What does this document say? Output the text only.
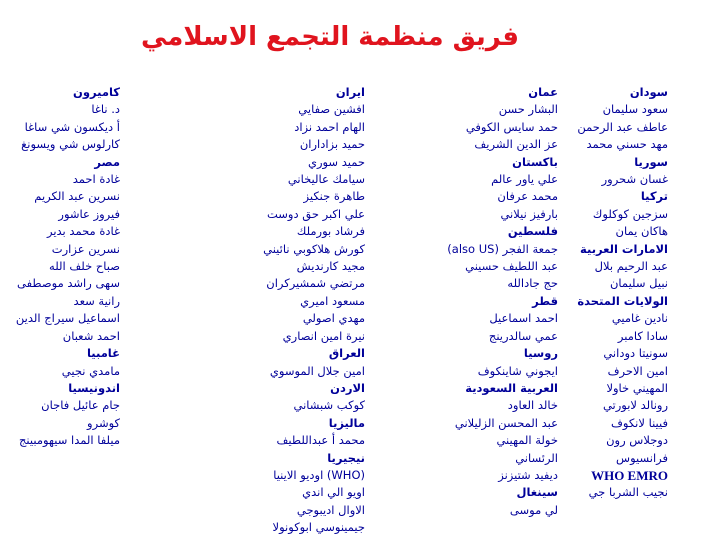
فريق منظمة التجمع الاسلامي
سودان
سعود سليمان
عاطف عبد الرحمن
مهد حسني محمد
سوريا
غسان شحرور
تركيا
سزجين كوكلوك
هاكان يمان
الامارات العربية
عبد الرحيم بلال
نبيل سليمان
الولايات المتحدة
نادين غاميي
سادا كامبر
سونيتا دوداني
امين الاحرف
المهيني خاولا
رونالد لابورتي
فيينا لانكوف
دوجلاس رون
فرانسيوس
WHO EMRO
نجيب الشربا جي
عمان
البشار حسن
حمد سايس الكوفي
عز الدين الشريف
باكستان
علي ياور عالم
محمد عرفان
بارفيز نيلاني
فلسطين
جمعة الفجر (also US)
عبد اللطيف حسيني
حج جادالله
قطر
احمد اسماعيل
عمي سالدرينج
روسيا
ايجوني شاينكوف
العربية السعودية
خالد العاود
عبد المحسن الزليلاني
خولة المهيني
الرئساني
ديفيد شتيزنز
سينغال
لي موسى
ايران
افشين صفايي
الهام احمد نزاد
حميد بزاداران
حميد سوري
سيامك عاليخاني
طاهرة جنكيز
علي اكبر حق دوست
فرشاد بورملك
كورش هلاكوبي نائيني
مجيد كارنديش
مرتضي شمشيركران
مسعود اميري
مهدي اصولي
نيرة امين انصاري
العراق
امين جلال الموسوي
الاردن
كوكب شبشاني
ماليزيا
محمد أ عبداللطيف
نيجيريا
(WHO) اوديو الاينيا
اويو الي اندي
الاوال اديبوجي
جيمينوسي ابوكونولا
كاميرون
د. ناغا
أ ديكسون شي ساغا
كارلوس شي ويسونغ
مصر
غادة احمد
نسرين عبد الكريم
فيروز عاشور
غادة محمد بدير
نسرين عزارت
صباح خلف الله
سهى راشد موصطفى
رانية سعد
اسماعيل سيراج الدين
احمد شعبان
غامبيا
مامدي نجيي
اندونيسيا
جام عائيل فاجان
كوشرو
ميلفا المدا سيهومبينج
